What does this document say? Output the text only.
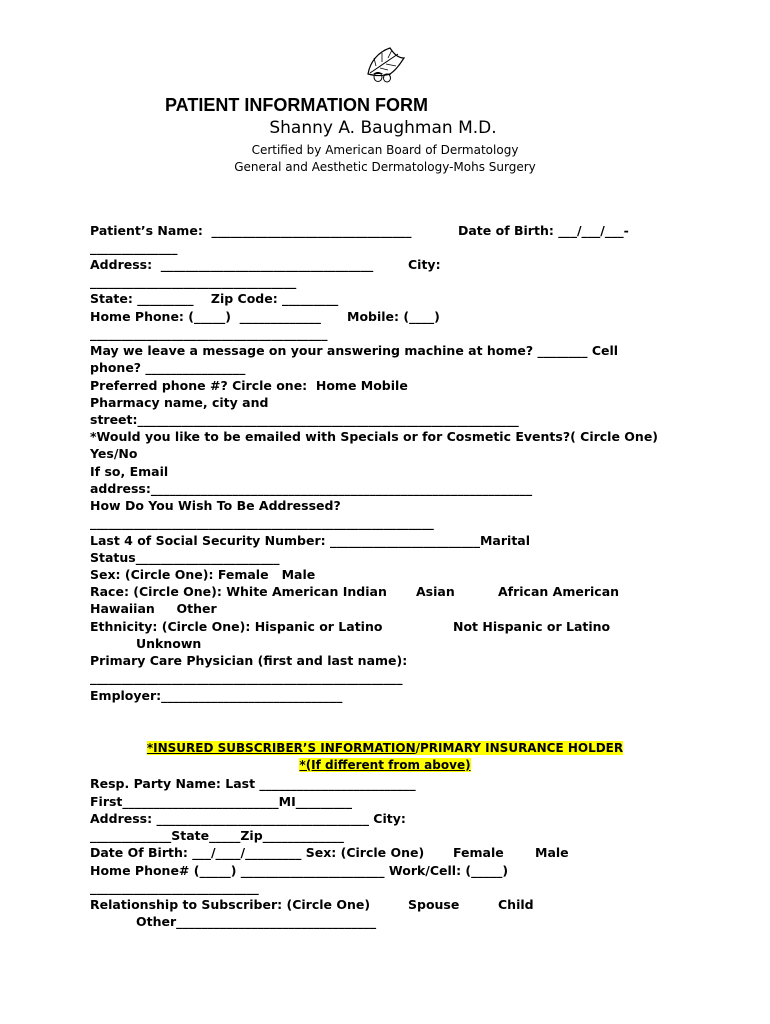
PATIENT INFORMATION FORM
Shanny A. Baughman M.D.
Certified by American Board of Dermatology
General and Aesthetic Dermatology-Mohs Surgery
Patient’s Name:  ________________________________	Date of Birth: ___/___/___-
______________
Address:  __________________________________	City:
_________________________________
State: _________    Zip Code: _________
Home Phone: (_____)  _____________ Mobile: (____)
______________________________________
May we leave a message on your answering machine at home? ________ Cell
phone? ________________
Preferred phone #? Circle one:  Home Mobile
Pharmacy name, city and
street:_____________________________________________________________
*Would you like to be emailed with Specials or for Cosmetic Events?( Circle One)
Yes/No
If so, Email
address:_____________________________________________________________
How Do You Wish To Be Addressed?
_______________________________________________________
Last 4 of Social Security Number: ________________________Marital
Status_______________________
Sex: (Circle One): Female   Male
Race: (Circle One): White American Indian Asian	African American
Hawaiian     Other
Ethnicity: (Circle One): Hispanic or Latino	Not Hispanic or Latino
Unknown
Primary Care Physician (first and last name):
__________________________________________________
Employer:_____________________________
*INSURED SUBSCRIBER’S INFORMATION/PRIMARY INSURANCE HOLDER
*(If different from above)
Resp. Party Name: Last _________________________
First_________________________MI_________
Address: __________________________________ City:
_____________State_____Zip_____________
Date Of Birth: ___/____/_________ Sex: (Circle One) Female	Male
Home Phone# (_____) _______________________ Work/Cell: (_____)
___________________________
Relationship to Subscriber: (Circle One)	Spouse	Child
Other________________________________
